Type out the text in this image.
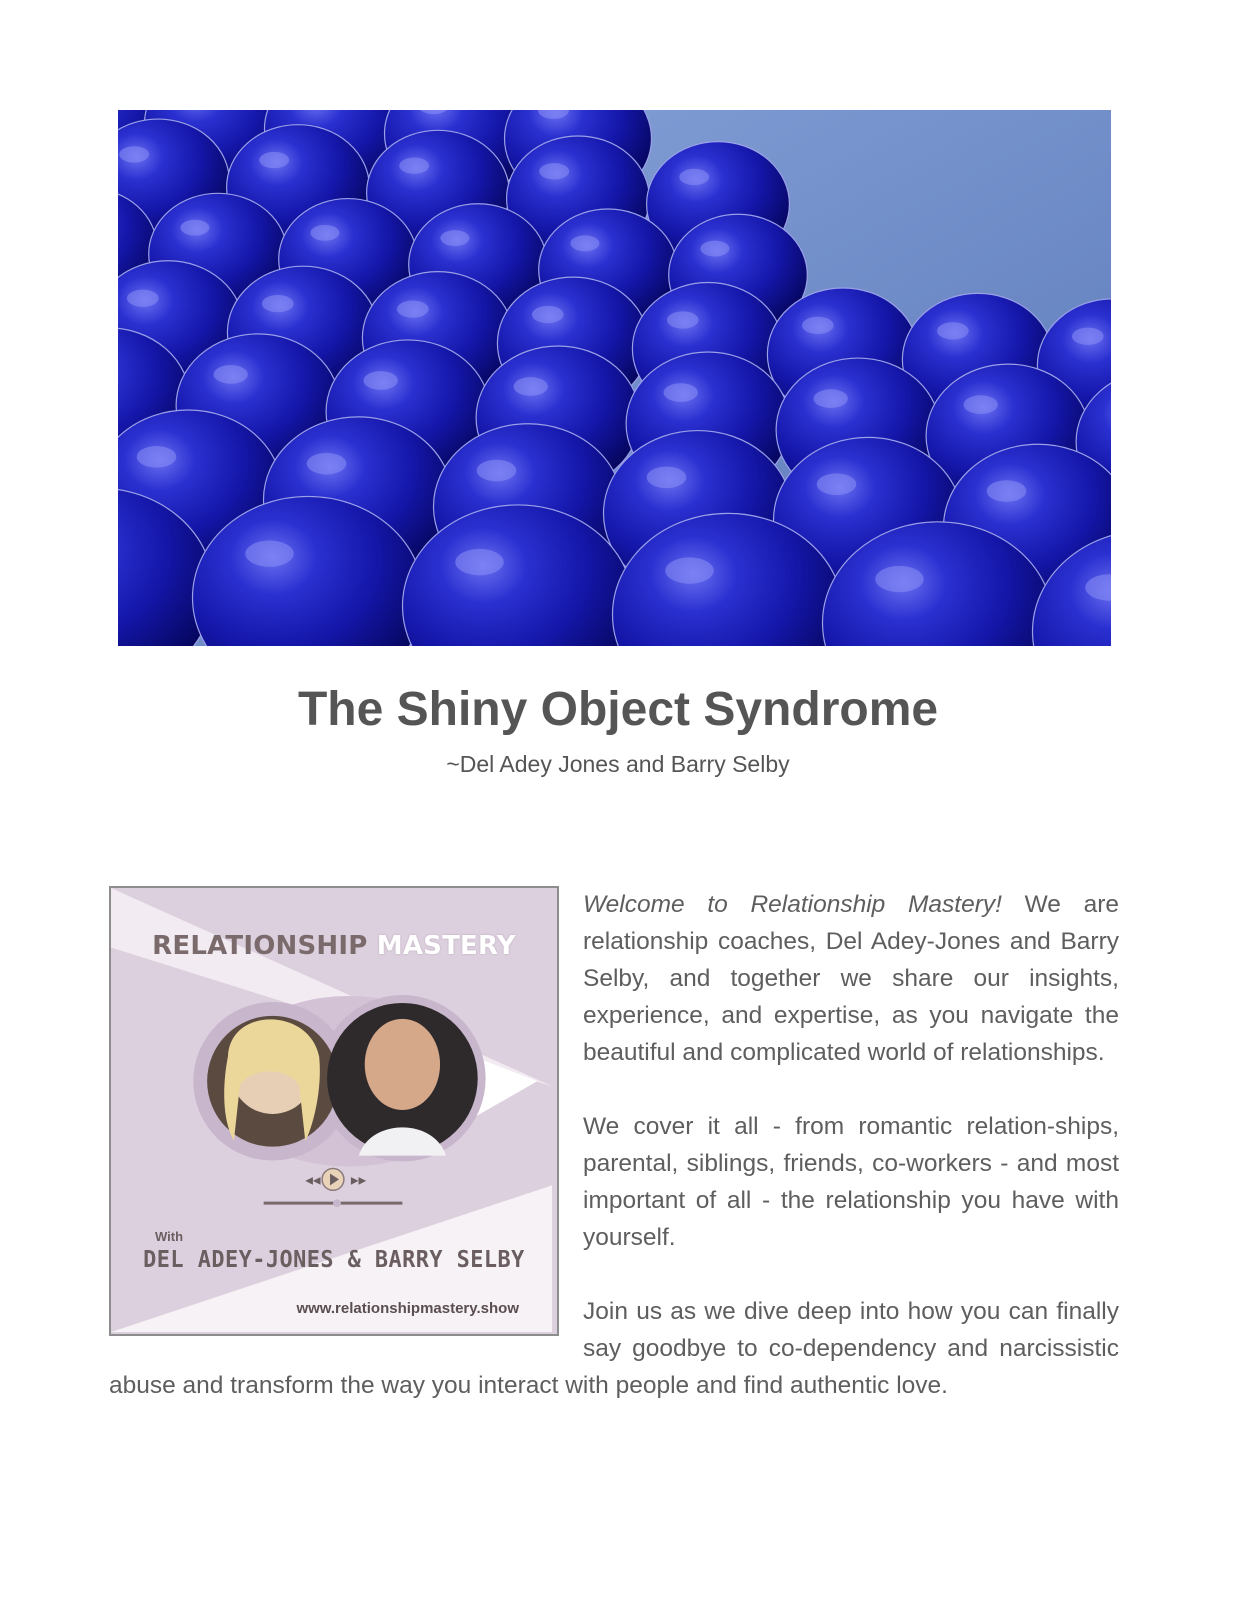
The Shiny Object Syndrome
~Del Adey Jones and Barry Selby
◀◀	▶▶
RELATIONSHIP MASTERY
With
DEL ADEY-JONES & BARRY SELBY
www.relationshipmastery.show

Welcome to Relationship Mastery! We are relationship coaches, Del Adey-Jones and Barry Selby, and together we share our insights, experience, and expertise, as you navigate the beautiful and complicated world of relationships.

We cover it all - from romantic relation-ships, parental, siblings, friends, co-workers - and most important of all - the relationship you have with yourself.

Join us as we dive deep into how you can finally say goodbye to co-dependency and narcissistic abuse and transform the way you interact with people and find authentic love.
